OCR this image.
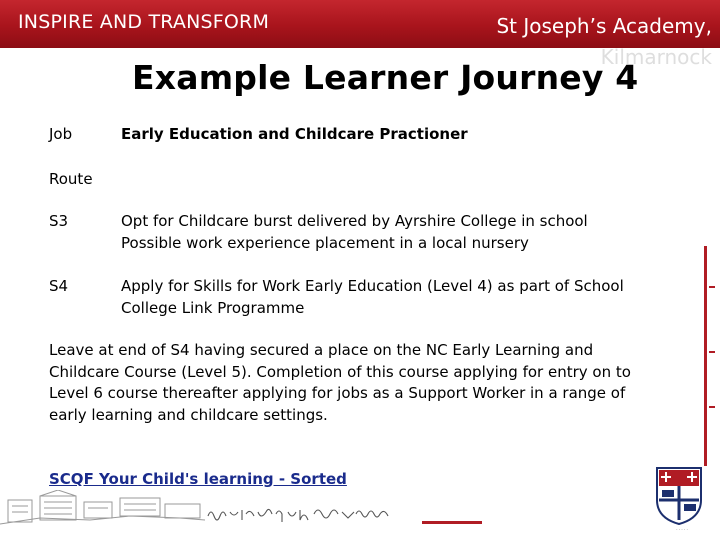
INSPIRE AND TRANSFORM	St Joseph’s Academy,
Kilmarnock
Example Learner Journey 4
Job	Early Education and Childcare Practioner
Route
S3	Opt for Childcare burst delivered by Ayrshire College in school
Possible work experience placement in a local nursery
S4	Apply for Skills for Work Early Education (Level 4) as part of School
College Link Programme
Leave at end of S4 having secured a place on the NC Early Learning and Childcare Course (Level 5). Completion of this course applying for entry on to Level 6 course thereafter applying for jobs as a Support Worker in a range of early learning and childcare settings.
SCQF Your Child's learning - Sorted
· · · · ·
